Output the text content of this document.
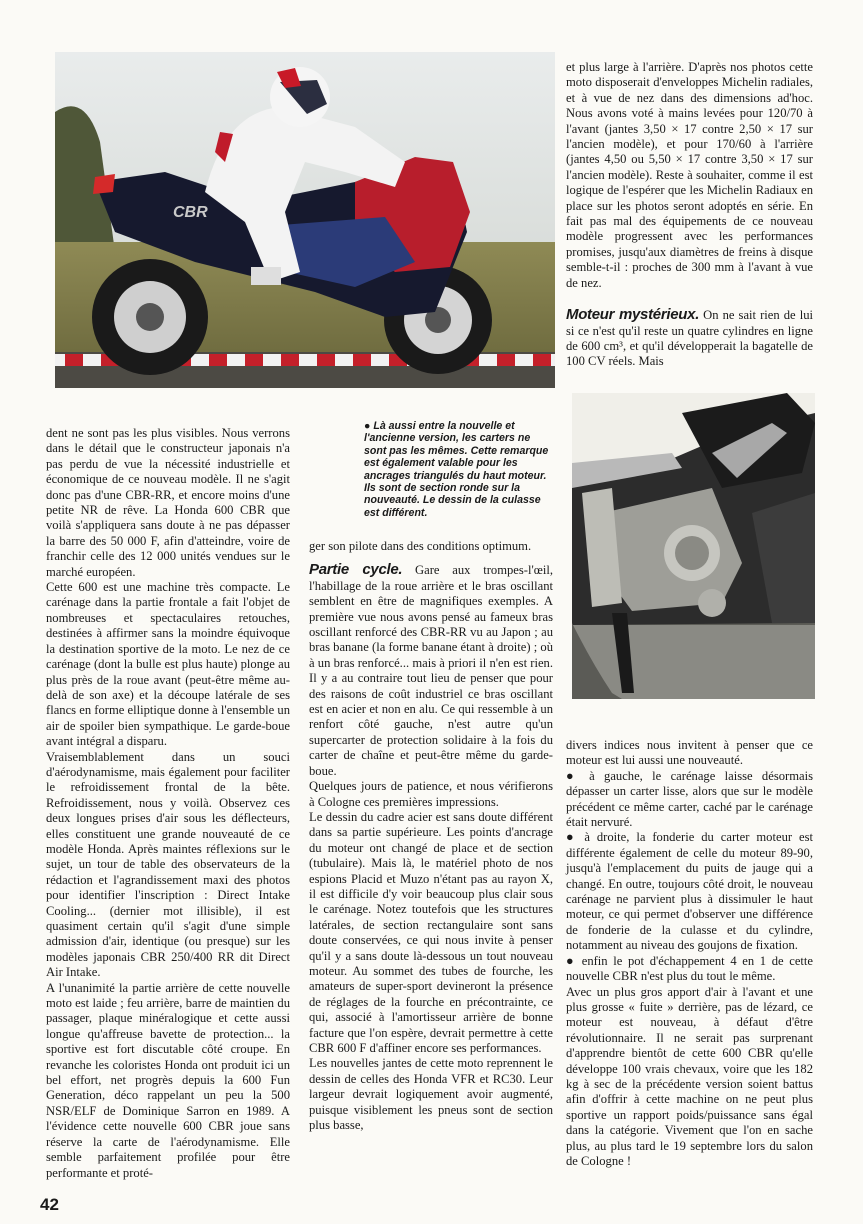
CBR

et plus large à l'arrière. D'après nos photos cette moto disposerait d'enveloppes Michelin radiales, et à vue de nez dans des dimensions ad'hoc. Nous avons voté à mains levées pour 120/70 à l'avant (jantes 3,50 × 17 contre 2,50 × 17 sur l'ancien modèle), et pour 170/60 à l'arrière (jantes 4,50 ou 5,50 × 17 contre 3,50 × 17 sur l'ancien modèle). Reste à souhaiter, comme il est logique de l'espérer que les Michelin Radiaux en place sur les photos seront adoptés en série. En fait pas mal des équipements de ce nouveau modèle progressent avec les performances promises, jusqu'aux diamètres de freins à disque semble-t-il : proches de 300 mm à l'avant à vue de nez.

Moteur mystérieux. On ne sait rien de lui si ce n'est qu'il reste un quatre cylindres en ligne de 600 cm³, et qu'il développerait la bagatelle de 100 CV réels. Mais

dent ne sont pas les plus visibles. Nous verrons dans le détail que le constructeur japonais n'a pas perdu de vue la nécessité industrielle et économique de ce nouveau modèle. Il ne s'agit donc pas d'une CBR-RR, et encore moins d'une petite NR de rêve. La Honda 600 CBR que voilà s'appliquera sans doute à ne pas dépasser la barre des 50 000 F, afin d'atteindre, voire de franchir celle des 12 000 unités vendues sur le marché européen.

Cette 600 est une machine très compacte. Le carénage dans la partie frontale a fait l'objet de nombreuses et spectaculaires retouches, destinées à affirmer sans la moindre équivoque la destination sportive de la moto. Le nez de ce carénage (dont la bulle est plus haute) plonge au plus près de la roue avant (peut-être même au-delà de son axe) et la découpe latérale de ses flancs en forme elliptique donne à l'ensemble un air de spoiler bien sympathique. Le garde-boue avant intégral a disparu.

Vraisemblablement dans un souci d'aérodynamisme, mais également pour faciliter le refroidissement frontal de la bête. Refroidissement, nous y voilà. Observez ces deux longues prises d'air sous les déflecteurs, elles constituent une grande nouveauté de ce modèle Honda. Après maintes réflexions sur le sujet, un tour de table des observateurs de la rédaction et l'agrandissement maxi des photos pour identifier l'inscription : Direct Intake Cooling... (dernier mot illisible), il est quasiment certain qu'il s'agit d'une simple admission d'air, identique (ou presque) sur les modèles japonais CBR 250/400 RR dit Direct Air Intake.

A l'unanimité la partie arrière de cette nouvelle moto est laide ; feu arrière, barre de maintien du passager, plaque minéralogique et cette aussi longue qu'affreuse bavette de protection... la sportive est fort discutable côté croupe. En revanche les coloristes Honda ont produit ici un bel effort, net progrès depuis la 600 Fun Generation, déco rappelant un peu la 500 NSR/ELF de Dominique Sarron en 1989. A l'évidence cette nouvelle 600 CBR joue sans réserve la carte de l'aérodynamisme. Elle semble parfaitement profilée pour être performante et proté-

● Là aussi entre la nouvelle et l'ancienne version, les carters ne sont pas les mêmes. Cette remarque est également valable pour les ancrages triangulés du haut moteur. Ils sont de section ronde sur la nouveauté. Le dessin de la culasse est différent.

ger son pilote dans des conditions optimum.

Partie cycle. Gare aux trompes-l'œil, l'habillage de la roue arrière et le bras oscillant semblent en être de magnifiques exemples. A première vue nous avons pensé au fameux bras oscillant renforcé des CBR-RR vu au Japon ; au bras banane (la forme banane étant à droite) ; où à un bras renforcé... mais à priori il n'en est rien. Il y a au contraire tout lieu de penser que pour des raisons de coût industriel ce bras oscillant est en acier et non en alu. Ce qui ressemble à un renfort côté gauche, n'est autre qu'un supercarter de protection solidaire à la fois du carter de chaîne et peut-être même du garde-boue.

Quelques jours de patience, et nous vérifierons à Cologne ces premières impressions.

Le dessin du cadre acier est sans doute différent dans sa partie supérieure. Les points d'ancrage du moteur ont changé de place et de section (tubulaire). Mais là, le matériel photo de nos espions Placid et Muzo n'étant pas au rayon X, il est difficile d'y voir beaucoup plus clair sous le carénage. Notez toutefois que les structures latérales, de section rectangulaire sont sans doute conservées, ce qui nous invite à penser qu'il y a sans doute là-dessous un tout nouveau moteur. Au sommet des tubes de fourche, les amateurs de super-sport devineront la présence de réglages de la fourche en précontrainte, ce qui, associé à l'amortisseur arrière de bonne facture que l'on espère, devrait permettre à cette CBR 600 F d'affiner encore ses performances.

Les nouvelles jantes de cette moto reprennent le dessin de celles des Honda VFR et RC30. Leur largeur devrait logiquement avoir augmenté, puisque visiblement les pneus sont de section plus basse,

divers indices nous invitent à penser que ce moteur est lui aussi une nouveauté.

● à gauche, le carénage laisse désormais dépasser un carter lisse, alors que sur le modèle précédent ce même carter, caché par le carénage était nervuré.

● à droite, la fonderie du carter moteur est différente également de celle du moteur 89-90, jusqu'à l'emplacement du puits de jauge qui a changé. En outre, toujours côté droit, le nouveau carénage ne parvient plus à dissimuler le haut moteur, ce qui permet d'observer une différence de fonderie de la culasse et du cylindre, notamment au niveau des goujons de fixation.

● enfin le pot d'échappement 4 en 1 de cette nouvelle CBR n'est plus du tout le même.

Avec un plus gros apport d'air à l'avant et une plus grosse « fuite » derrière, pas de lézard, ce moteur est nouveau, à défaut d'être révolutionnaire. Il ne serait pas surprenant d'apprendre bientôt de cette 600 CBR qu'elle développe 100 vrais chevaux, voire que les 182 kg à sec de la précédente version soient battus afin d'offrir à cette machine on ne peut plus sportive un rapport poids/puissance sans égal dans la catégorie. Vivement que l'on en sache plus, au plus tard le 19 septembre lors du salon de Cologne !

42
